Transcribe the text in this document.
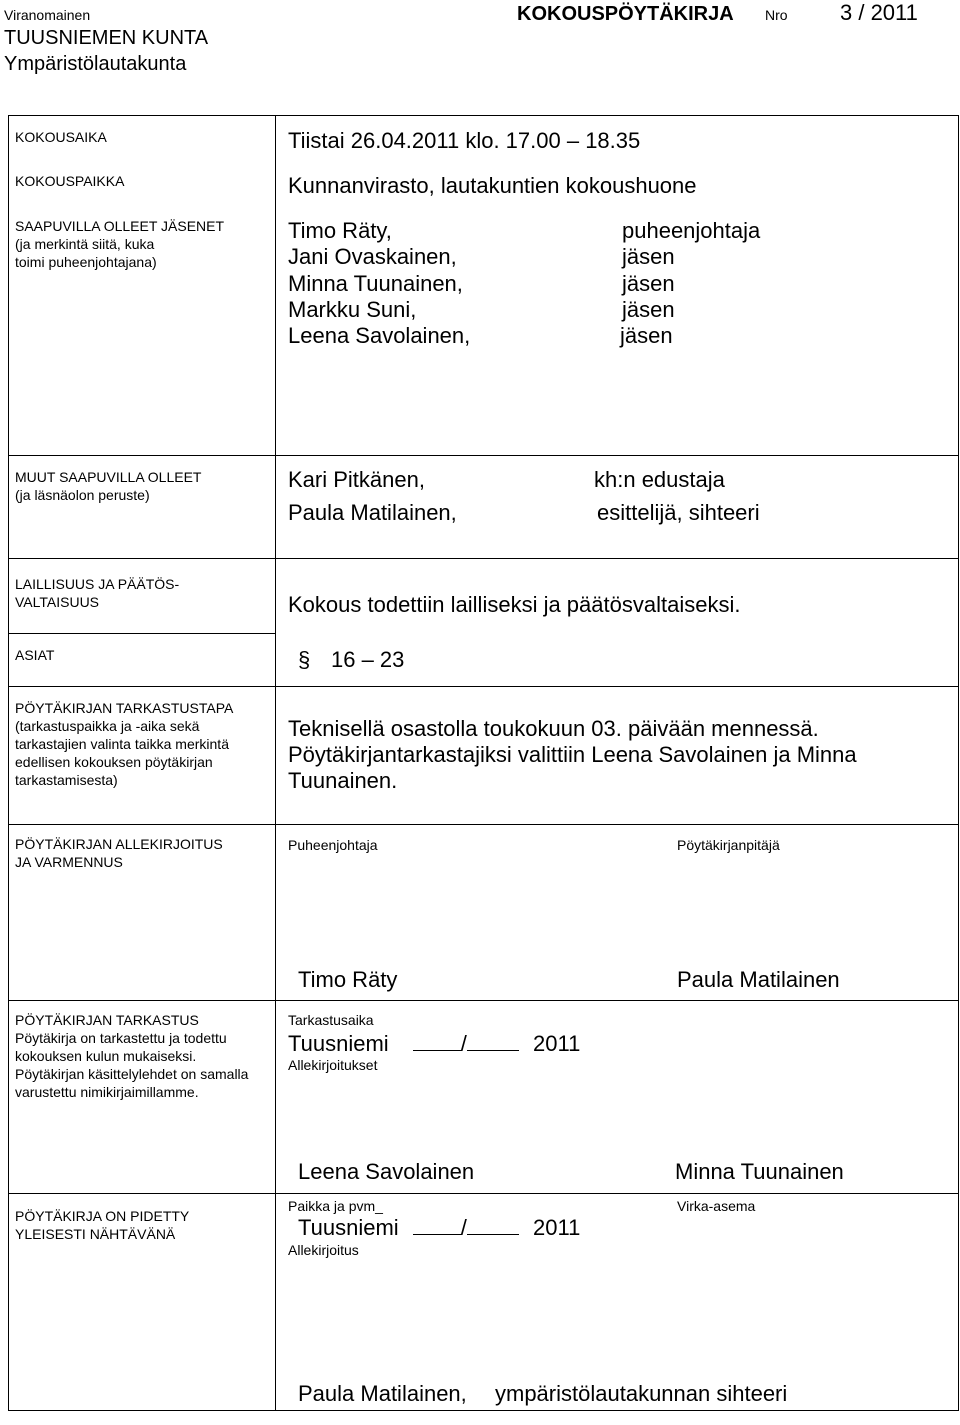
Viranomainen
TUUSNIEMEN KUNTA
Ympäristölautakunta
KOKOUSPÖYTÄKIRJA Nro 3 / 2011
KOKOUSAIKA	Tiistai 26.04.2011 klo. 17.00 – 18.35
KOKOUSPAIKKA	Kunnanvirasto, lautakuntien kokoushuone
SAAPUVILLA OLLEET JÄSENET
(ja merkintä siitä, kuka
toimi puheenjohtajana)
Timo Räty,	puheenjohtaja
Jani Ovaskainen,	jäsen
Minna Tuunainen,	jäsen
Markku Suni,	jäsen
Leena Savolainen,	jäsen
MUUT SAAPUVILLA OLLEET
(ja läsnäolon peruste)
Kari Pitkänen,	kh:n edustaja
Paula Matilainen,	esittelijä, sihteeri
LAILLISUUS JA PÄÄTÖS-
VALTAISUUS	Kokous todettiin lailliseksi ja päätösvaltaiseksi.
ASIAT	§ 16 – 23
PÖYTÄKIRJAN TARKASTUSTAPA
(tarkastuspaikka ja -aika sekä
tarkastajien valinta taikka merkintä
edellisen kokouksen pöytäkirjan
tarkastamisesta)
Teknisellä osastolla toukokuun 03. päivään mennessä.
Pöytäkirjantarkastajiksi valittiin Leena Savolainen ja Minna
Tuunainen.
PÖYTÄKIRJAN ALLEKIRJOITUS
JA VARMENNUS
Puheenjohtaja	Pöytäkirjanpitäjä
Timo Räty	Paula Matilainen
PÖYTÄKIRJAN TARKASTUS
Pöytäkirja on tarkastettu ja todettu
kokouksen kulun mukaiseksi.
Pöytäkirjan käsittelylehdet on samalla
varustettu nimikirjaimillamme.
Tarkastusaika
Tuusniemi	/	2011
Allekirjoitukset
Leena Savolainen	Minna Tuunainen
PÖYTÄKIRJA ON PIDETTY
YLEISESTI NÄHTÄVÄNÄ
Paikka ja pvm_	Virka-asema
Tuusniemi	/	2011
Allekirjoitus
Paula Matilainen, ympäristölautakunnan sihteeri
